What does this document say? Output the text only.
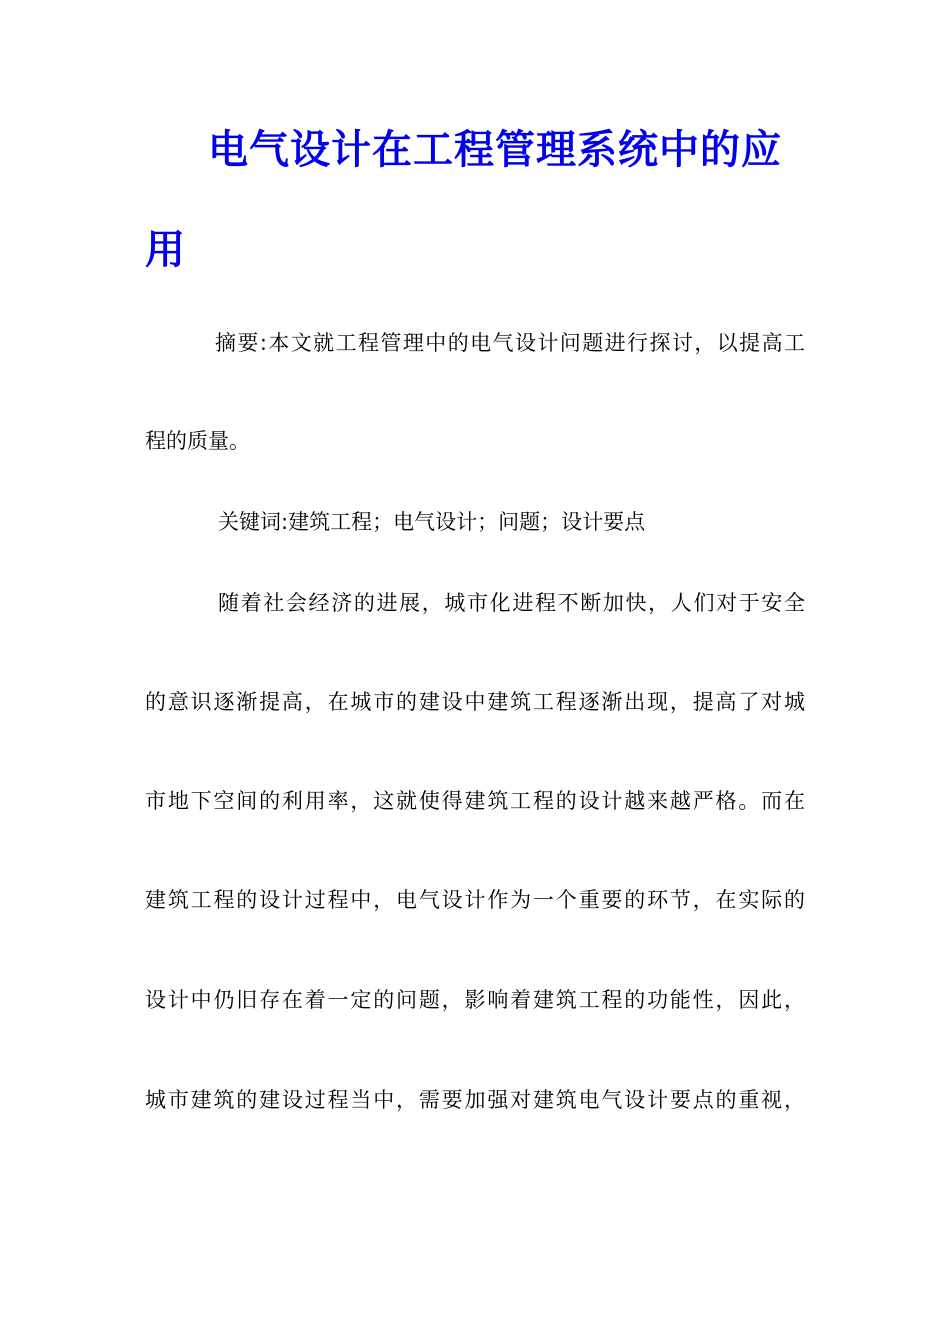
电气设计在工程管理系统中的应
用
摘要:本文就工程管理中的电气设计问题进行探讨，以提高工
程的质量。
关键词:建筑工程；电气设计；问题；设计要点
随着社会经济的进展，城市化进程不断加快，人们对于安全
的意识逐渐提高，在城市的建设中建筑工程逐渐出现，提高了对城
市地下空间的利用率，这就使得建筑工程的设计越来越严格。而在
建筑工程的设计过程中，电气设计作为一个重要的环节，在实际的
设计中仍旧存在着一定的问题，影响着建筑工程的功能性，因此，
城市建筑的建设过程当中，需要加强对建筑电气设计要点的重视，
